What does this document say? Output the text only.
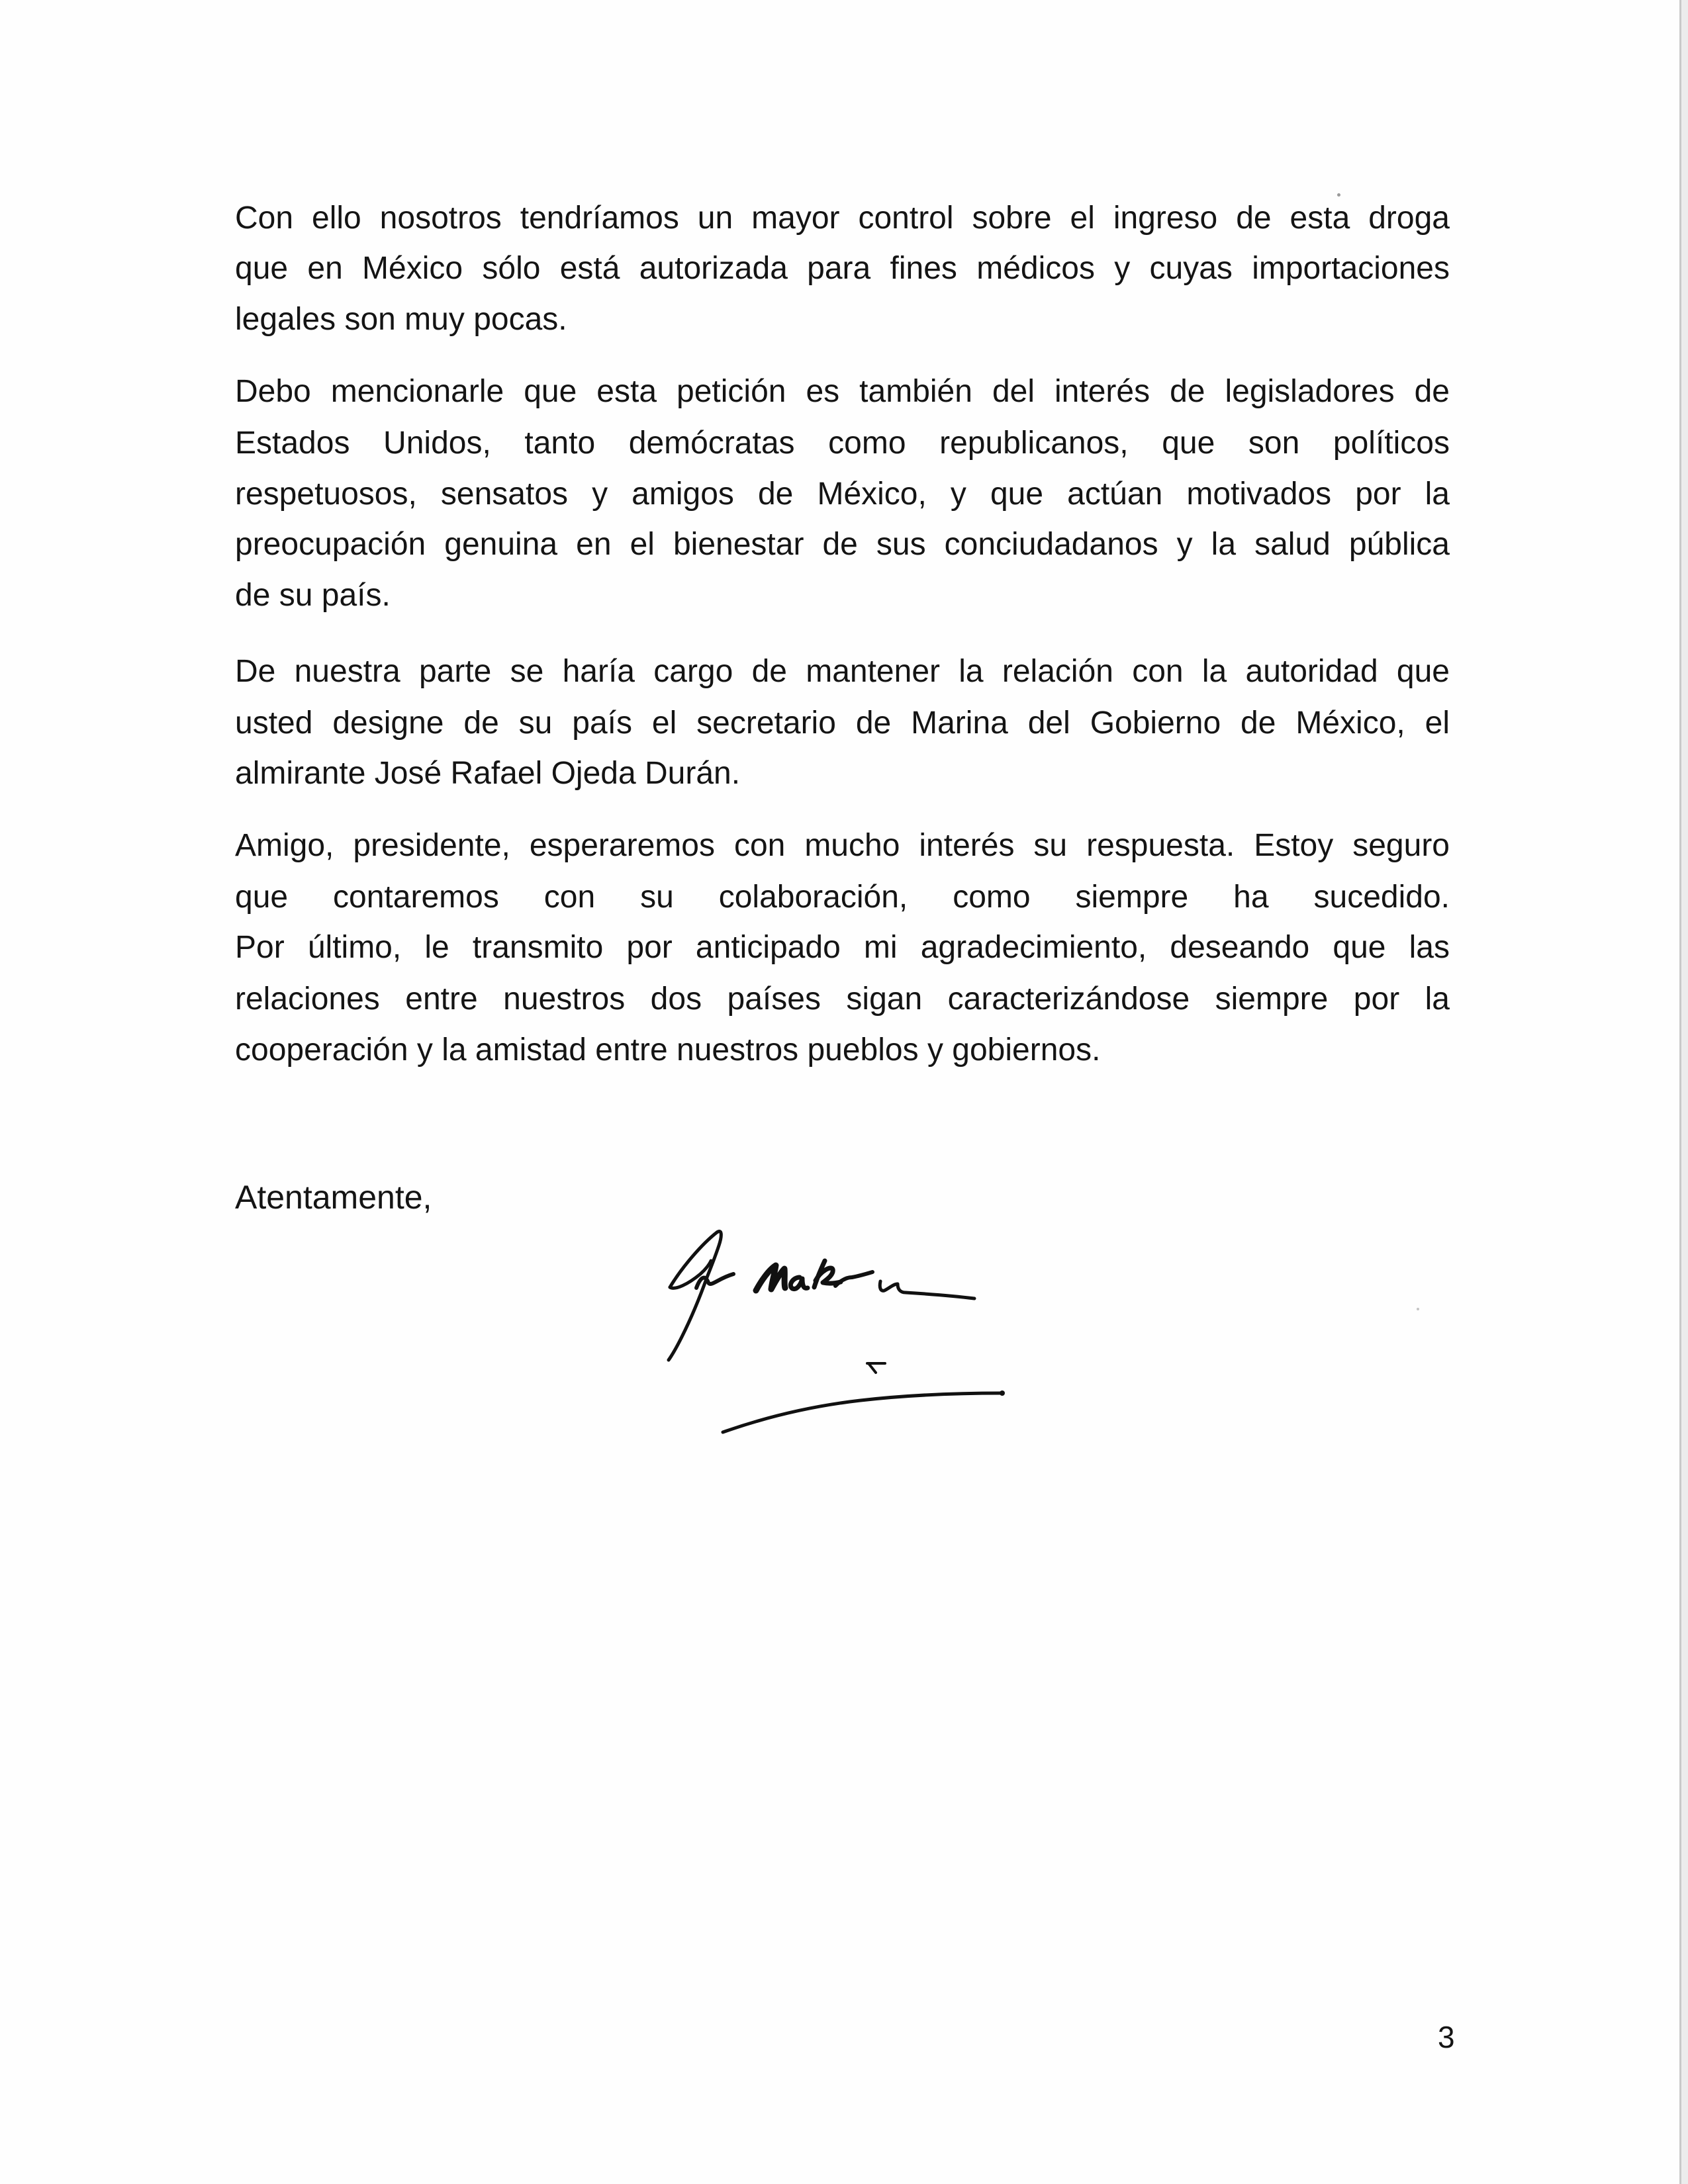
Con ello nosotros tendríamos un mayor control sobre el ingreso de esta droga
que en México sólo está autorizada para fines médicos y cuyas importaciones
legales son muy pocas.
Debo mencionarle que esta petición es también del interés de legisladores de
Estados Unidos, tanto demócratas como republicanos, que son políticos
respetuosos, sensatos y amigos de México, y que actúan motivados por la
preocupación genuina en el bienestar de sus conciudadanos y la salud pública
de su país.
De nuestra parte se haría cargo de mantener la relación con la autoridad que
usted designe de su país el secretario de Marina del Gobierno de México, el
almirante José Rafael Ojeda Durán.
Amigo, presidente, esperaremos con mucho interés su respuesta. Estoy seguro
que contaremos con su colaboración, como siempre ha sucedido.
Por último, le transmito por anticipado mi agradecimiento, deseando que las
relaciones entre nuestros dos países sigan caracterizándose siempre por la
cooperación y la amistad entre nuestros pueblos y gobiernos.
Atentamente,
3
